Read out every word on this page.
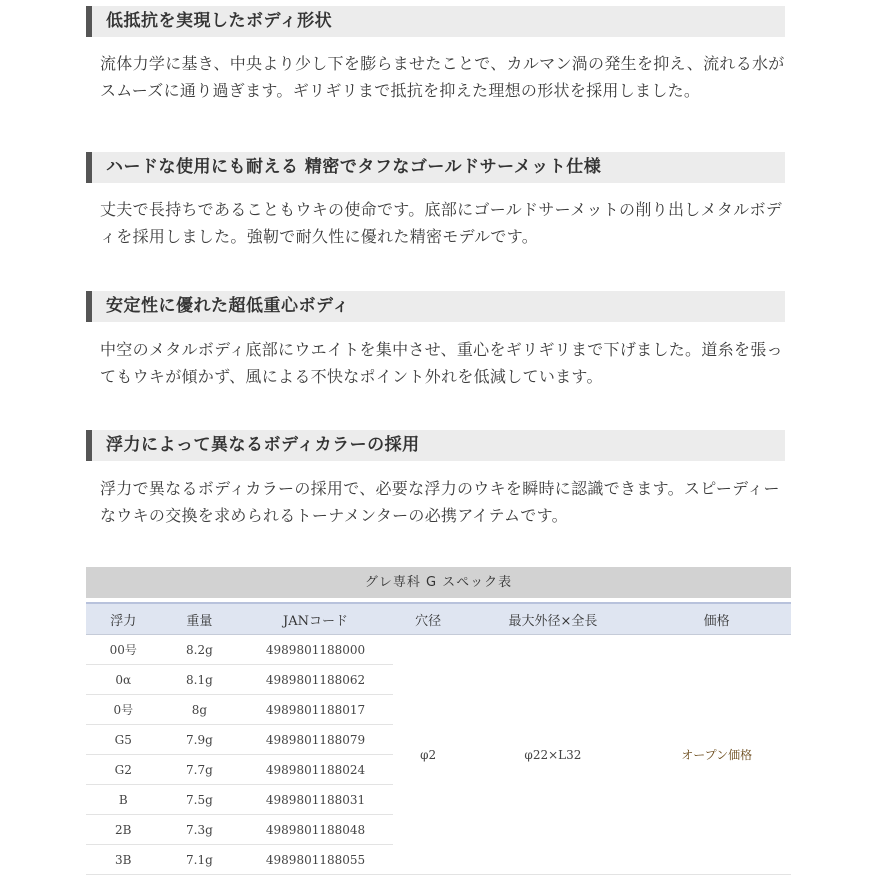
低抵抗を実現したボディ形状

流体力学に基き、中央より少し下を膨らませたことで、カルマン渦の発生を抑え、流れる水がスムーズに通り過ぎます。ギリギリまで抵抗を抑えた理想の形状を採用しました。

ハードな使用にも耐える 精密でタフなゴールドサーメット仕様

丈夫で長持ちであることもウキの使命です。底部にゴールドサーメットの削り出しメタルボディを採用しました。強靭で耐久性に優れた精密モデルです。

安定性に優れた超低重心ボディ

中空のメタルボディ底部にウエイトを集中させ、重心をギリギリまで下げました。道糸を張ってもウキが傾かず、風による不快なポイント外れを低減しています。

浮力によって異なるボディカラーの採用

浮力で異なるボディカラーの採用で、必要な浮力のウキを瞬時に認識できます。スピーディーなウキの交換を求められるトーナメンターの必携アイテムです。

グレ専科 G スペック表
浮力	重量	JANコード	穴径	最大外径×全長	価格
00号	8.2g	4989801188000	φ2	φ22×L32	オープン価格
0α	8.1g	4989801188062			
0号	8g	4989801188017			
G5	7.9g	4989801188079			
G2	7.7g	4989801188024			
B	7.5g	4989801188031			
2B	7.3g	4989801188048			
3B	7.1g	4989801188055			
